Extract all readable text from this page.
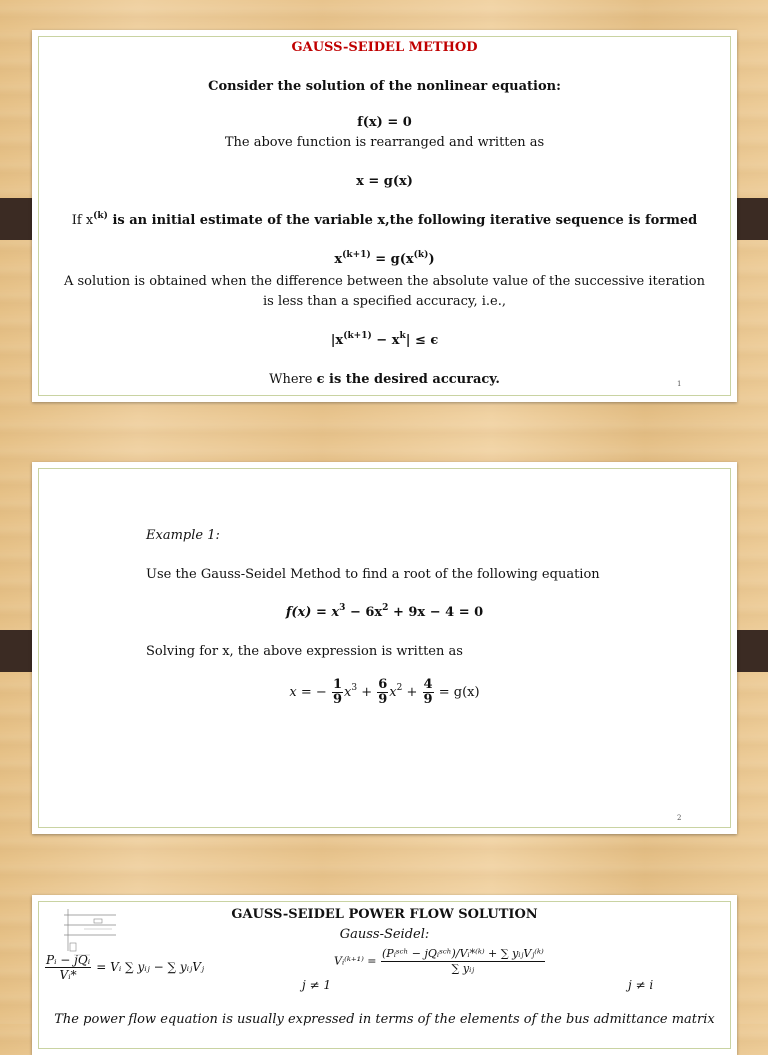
GAUSS-SEIDEL METHOD
Consider the solution of the nonlinear equation:
f(x) = 0
The above function is rearranged and written as
x = g(x)
If $x^{(k)}$ is an initial estimate of the variable x,the following iterative sequence is formed
$x^{(k+1)} = g(x^{(k)})$
A solution is obtained when the difference between the absolute value of the successive iteration
is less than a specified accuracy, i.e.,
$|x^{(k+1)} - x^k| \le \epsilon$
Where ϵ is the desired accuracy.	1
Example 1:
Use the Gauss-Seidel Method to find a root of the following equation
$f(x) = x^3 - 6x^2 + 9x - 4 = 0$
Solving for x, the above expression is written as
x = − $\frac{1}{9} x^3 + \frac{6}{9} x^2 + \frac{4}{9} = g(x)$
2
GAUSS-SEIDEL POWER FLOW SOLUTION
Gauss-Seidel:
$\frac{\text{Pᵢ − jQᵢ}}{\text{Vᵢ*}}$ = Vᵢ ∑ yᵢⱼ − ∑ yᵢⱼVⱼ
j ≠ 1
Vᵢ⁽ᵏ⁺¹⁾ = $\frac{\text{(Pᵢˢᶜʰ − jQᵢˢᶜʰ)/Vᵢ*⁽ᵏ⁾ + ∑ yᵢⱼVⱼ⁽ᵏ⁾}}{\text{∑ yᵢⱼ}}$
j ≠ i
The power flow equation is usually expressed in terms of the elements of the bus admittance matrix
